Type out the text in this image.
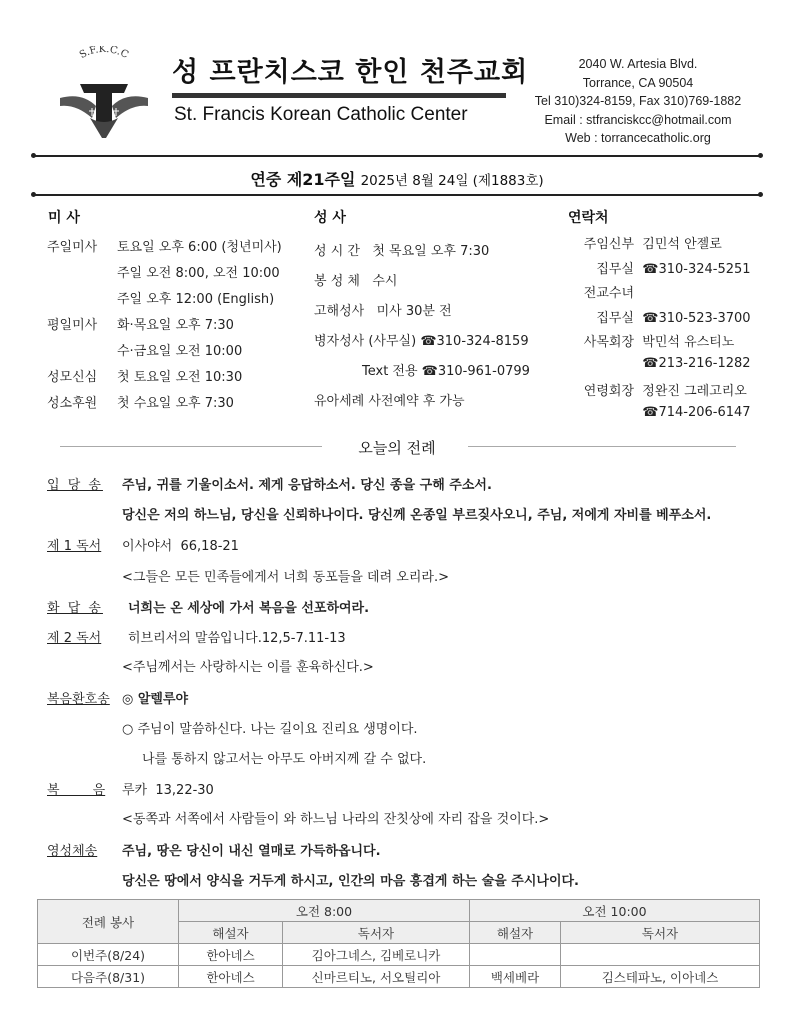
S.F.K.C.C
성 프란치스코 한인 천주교회
St. Francis Korean Catholic Center
2040 W. Artesia Blvd.
Torrance, CA 90504
Tel 310)324-8159, Fax 310)769-1882
Email : stfranciskcc@hotmail.com
Web : torrancecatholic.org
연중 제21주일 2025년 8월 24일 (제1883호)
미 사
주일미사 토요일 오후 6:00 (청년미사)
주일 오전 8:00, 오전 10:00
주일 오후 12:00 (English)
평일미사 화·목요일 오후 7:30
수·금요일 오전 10:00
성모신심 첫 토요일 오전 10:30
성소후원 첫 수요일 오후 7:30
성 사
성 시 간   첫 목요일 오후 7:30
봉 성 체   수시
고해성사   미사 30분 전
병자성사 (사무실) ☎310-324-8159
Text 전용 ☎310-961-0799
유아세례 사전예약 후 가능
연락처
주임신부 김민석 안젤로
집무실 ☎310-324-5251
전교수녀
집무실 ☎310-523-3700
사목회장 박민석 유스티노
☎213-216-1282
연령회장 정완진 그레고리오
☎714-206-6147
오늘의 전례
입 당 송 주님, 귀를 기울이소서. 제게 응답하소서. 당신 종을 구해 주소서.
당신은 저의 하느님, 당신을 신뢰하나이다. 당신께 온종일 부르짖사오니, 주님, 저에게 자비를 베푸소서.
제 1 독서 이사야서  66,18-21
<그들은 모든 민족들에게서 너희 동포들을 데려 오리라.>
화 답 송 너희는 온 세상에 가서 복음을 선포하여라.
제 2 독서 히브리서의 말씀입니다.12,5-7.11-13
<주님께서는 사랑하시는 이를 훈육하신다.>
복음환호송 ◎ 알렐루야
○ 주님이 말씀하신다. 나는 길이요 진리요 생명이다.
나를 통하지 않고서는 아무도 아버지께 갈 수 없다.
복        음 루카  13,22-30
<동쪽과 서쪽에서 사람들이 와 하느님 나라의 잔칫상에 자리 잡을 것이다.>
영성체송 주님, 땅은 당신이 내신 열매로 가득하옵니다.
당신은 땅에서 양식을 거두게 하시고, 인간의 마음 흥겹게 하는 술을 주시나이다.
전례 봉사	오전 8:00		오전 10:00	
	해설자	독서자	해설자	독서자
이번주(8/24)	한아네스	김아그네스, 김베로니카		
다음주(8/31)	한아네스	신마르티노, 서오틸리아	백세베라	김스테파노, 이아네스
